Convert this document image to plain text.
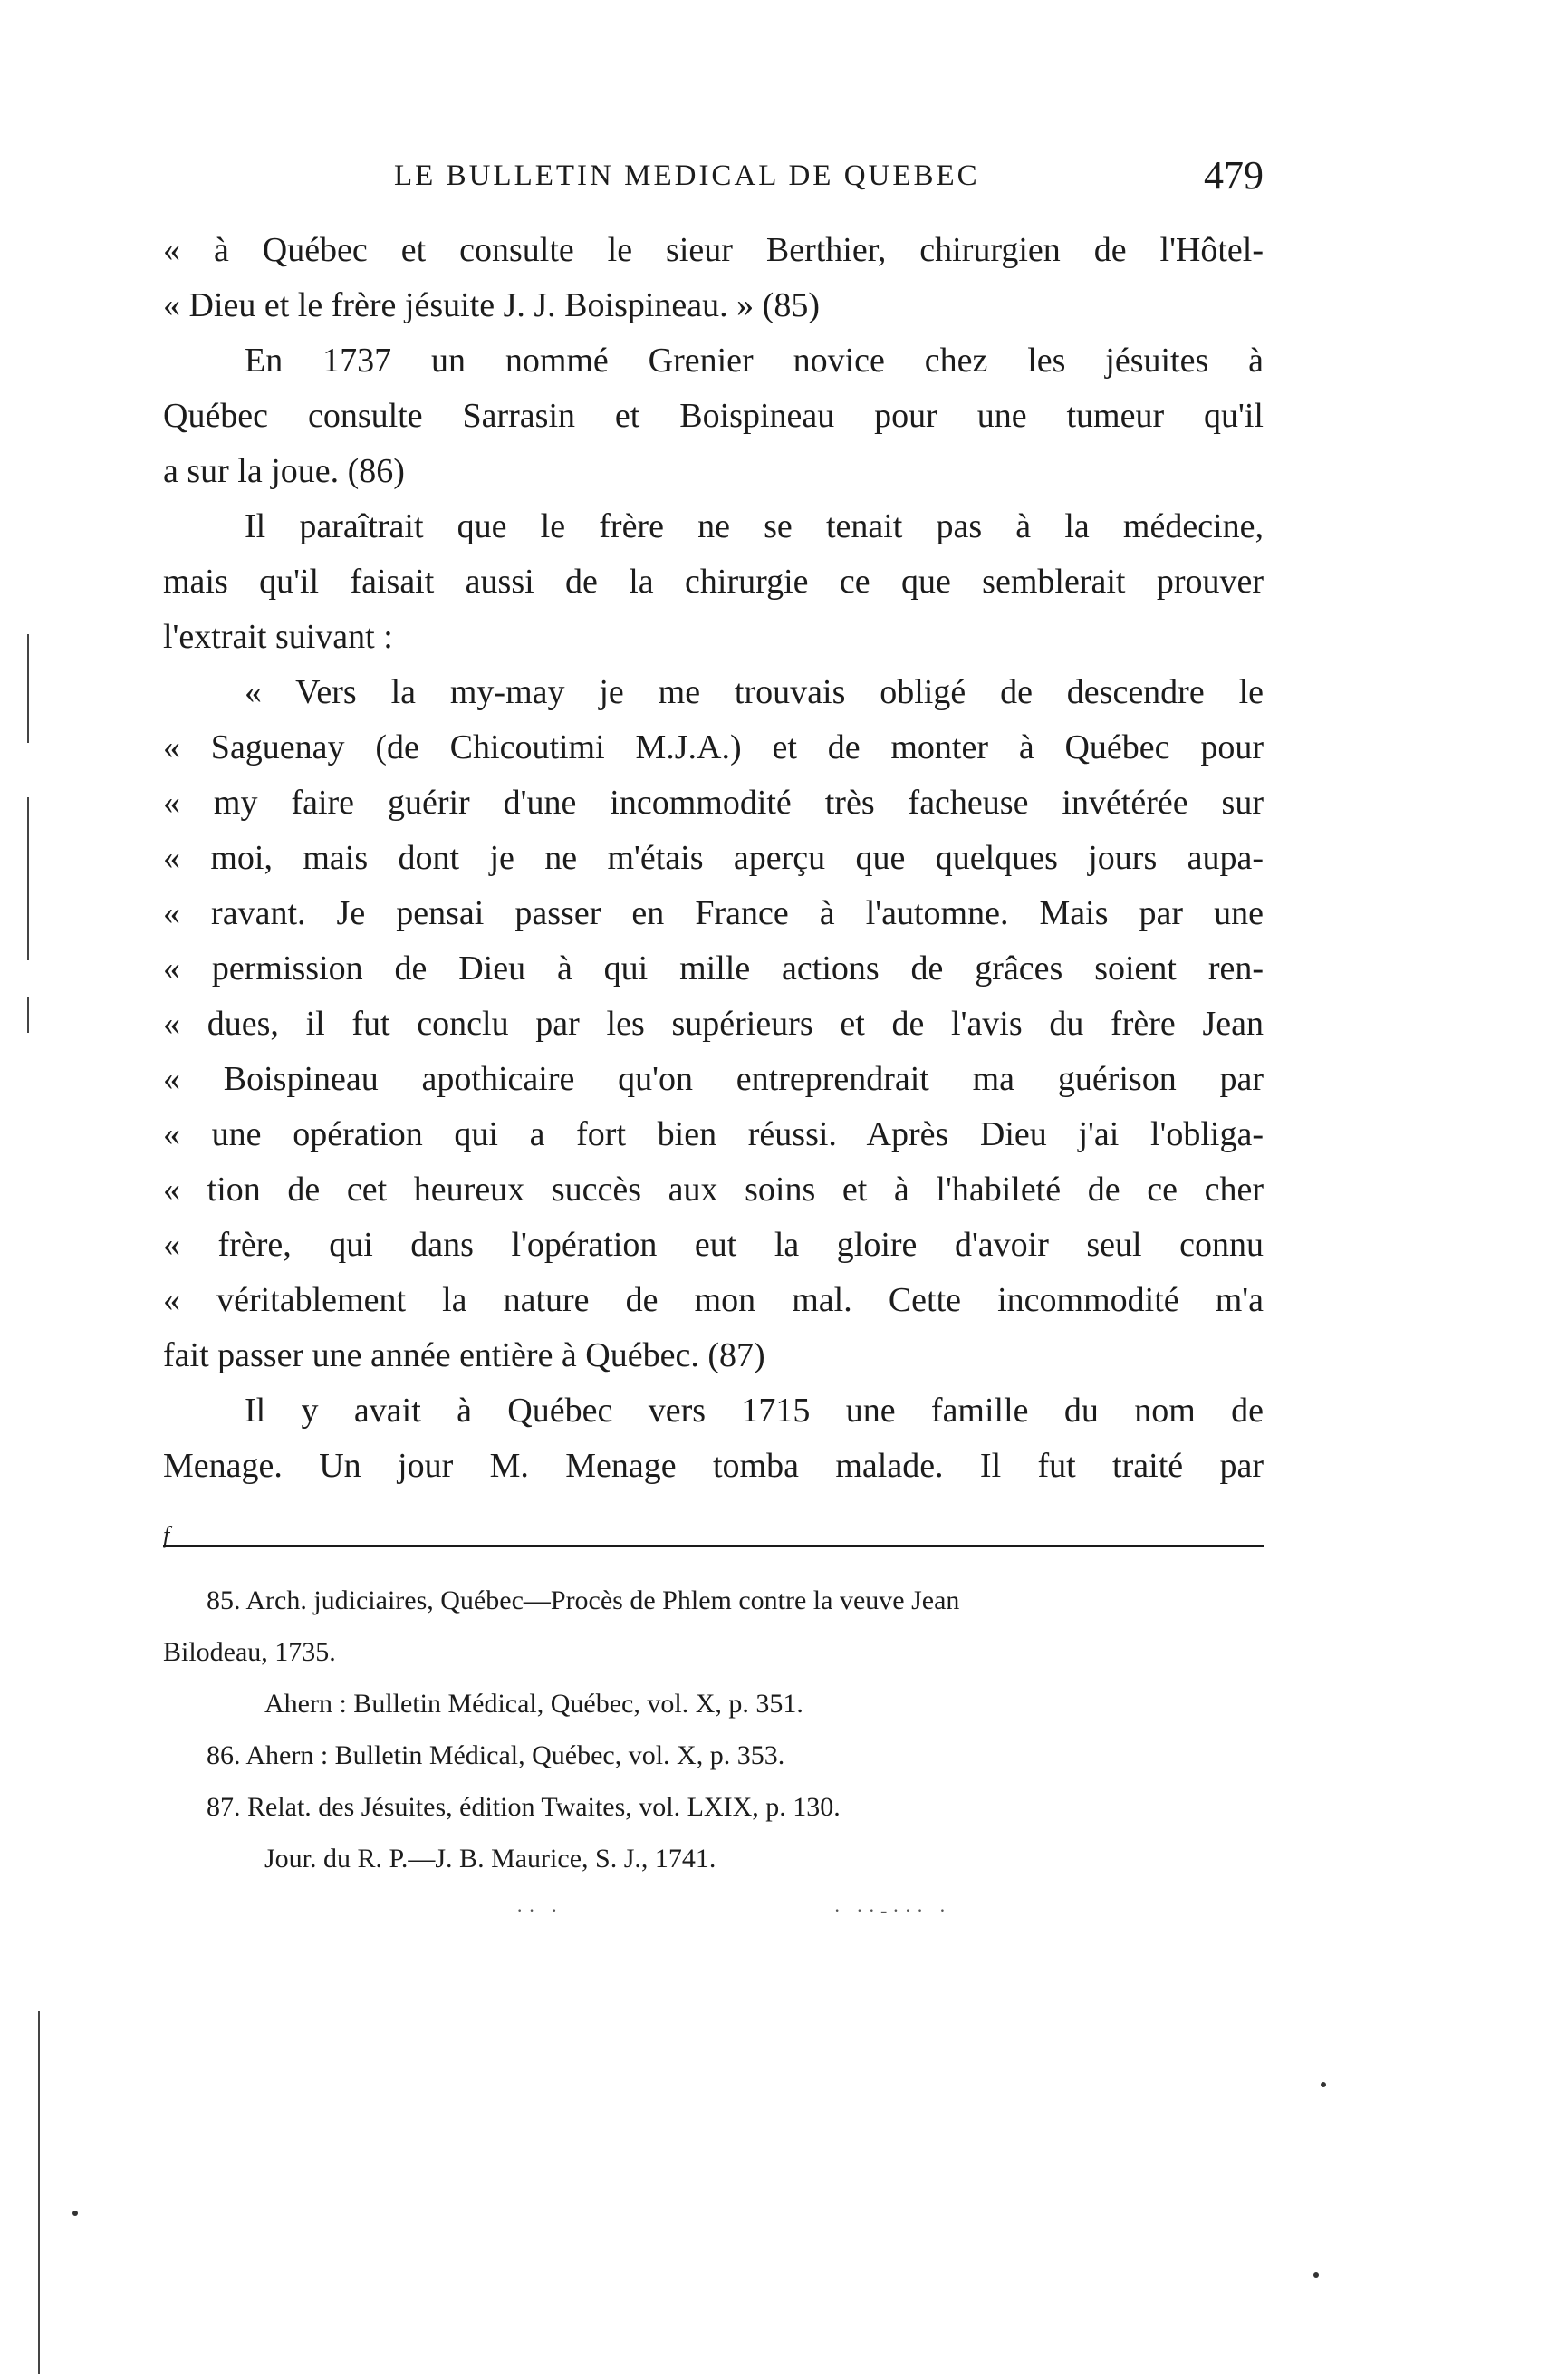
LE BULLETIN MEDICAL DE QUEBEC	479
« à Québec et consulte le sieur Berthier, chirurgien de l'Hôtel-
« Dieu et le frère jésuite J. J. Boispineau. » (85)
En 1737 un nommé Grenier novice chez les jésuites à
Québec consulte Sarrasin et Boispineau pour une tumeur qu'il
a sur la joue. (86)
Il paraîtrait que le frère ne se tenait pas à la médecine,
mais qu'il faisait aussi de la chirurgie ce que semblerait prouver
l'extrait suivant :
« Vers la my-may je me trouvais obligé de descendre le
« Saguenay (de Chicoutimi M.J.A.) et de monter à Québec pour
« my faire guérir d'une incommodité très facheuse invétérée sur
« moi, mais dont je ne m'étais aperçu que quelques jours aupa-
« ravant. Je pensai passer en France à l'automne. Mais par une
« permission de Dieu à qui mille actions de grâces soient ren-
« dues, il fut conclu par les supérieurs et de l'avis du frère Jean
« Boispineau apothicaire qu'on entreprendrait ma guérison par
« une opération qui a fort bien réussi. Après Dieu j'ai l'obliga-
« tion de cet heureux succès aux soins et à l'habileté de ce cher
« frère, qui dans l'opération eut la gloire d'avoir seul connu
« véritablement la nature de mon mal. Cette incommodité m'a
fait passer une année entière à Québec. (87)
Il y avait à Québec vers 1715 une famille du nom de
Menage. Un jour M. Menage tomba malade. Il fut traité par
f
85. Arch. judiciaires, Québec—Procès de Phlem contre la veuve Jean
Bilodeau, 1735.
Ahern : Bulletin Médical, Québec, vol. X, p. 351.
86. Ahern : Bulletin Médical, Québec, vol. X, p. 353.
87. Relat. des Jésuites, édition Twaites, vol. LXIX, p. 130.
Jour. du R. P.—J. B. Maurice, S. J., 1741.
·· ·                          · ··-··· ·
